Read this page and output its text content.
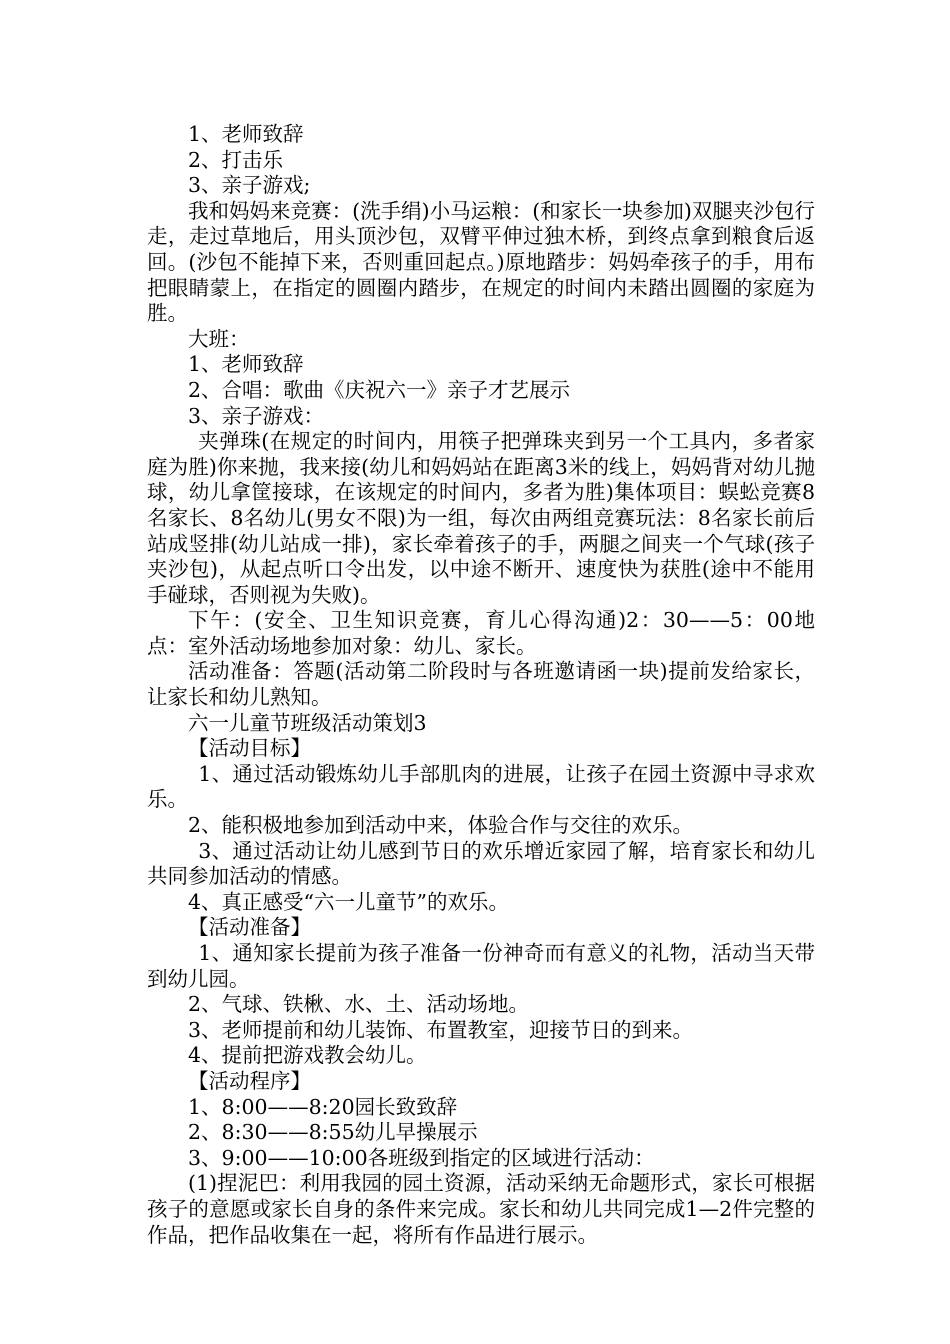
1、老师致辞

2、打击乐

3、亲子游戏;

我和妈妈来竞赛：(洗手绢)小马运粮：(和家长一块参加)双腿夹沙包行走，走过草地后，用头顶沙包，双臂平伸过独木桥，到终点拿到粮食后返回。(沙包不能掉下来，否则重回起点。)原地踏步：妈妈牵孩子的手，用布把眼睛蒙上，在指定的圆圈内踏步，在规定的时间内未踏出圆圈的家庭为胜。

大班：

1、老师致辞

2、合唱：歌曲《庆祝六一》亲子才艺展示

3、亲子游戏：

夹弹珠(在规定的时间内，用筷子把弹珠夹到另一个工具内，多者家庭为胜)你来抛，我来接(幼儿和妈妈站在距离3米的线上，妈妈背对幼儿抛球，幼儿拿筐接球，在该规定的时间内，多者为胜)集体项目：蜈蚣竞赛8名家长、8名幼儿(男女不限)为一组，每次由两组竞赛玩法：8名家长前后站成竖排(幼儿站成一排)，家长牵着孩子的手，两腿之间夹一个气球(孩子夹沙包)，从起点听口令出发，以中途不断开、速度快为获胜(途中不能用手碰球，否则视为失败)。

下午：(安全、卫生知识竞赛，育儿心得沟通)2：30——5：00地点：室外活动场地参加对象：幼儿、家长。

活动准备：答题(活动第二阶段时与各班邀请函一块)提前发给家长，让家长和幼儿熟知。

六一儿童节班级活动策划3

【活动目标】

1、通过活动锻炼幼儿手部肌肉的进展，让孩子在园土资源中寻求欢乐。

2、能积极地参加到活动中来，体验合作与交往的欢乐。

3、通过活动让幼儿感到节日的欢乐增近家园了解，培育家长和幼儿共同参加活动的情感。

4、真正感受“六一儿童节”的欢乐。

【活动准备】

1、通知家长提前为孩子准备一份神奇而有意义的礼物，活动当天带到幼儿园。

2、气球、铁楸、水、土、活动场地。

3、老师提前和幼儿装饰、布置教室，迎接节日的到来。

4、提前把游戏教会幼儿。

【活动程序】

1、8:00——8:20园长致致辞

2、8:30——8:55幼儿早操展示

3、9:00——10:00各班级到指定的区域进行活动：

(1)捏泥巴：利用我园的园土资源，活动采纳无命题形式，家长可根据孩子的意愿或家长自身的条件来完成。家长和幼儿共同完成1—2件完整的作品，把作品收集在一起，将所有作品进行展示。
